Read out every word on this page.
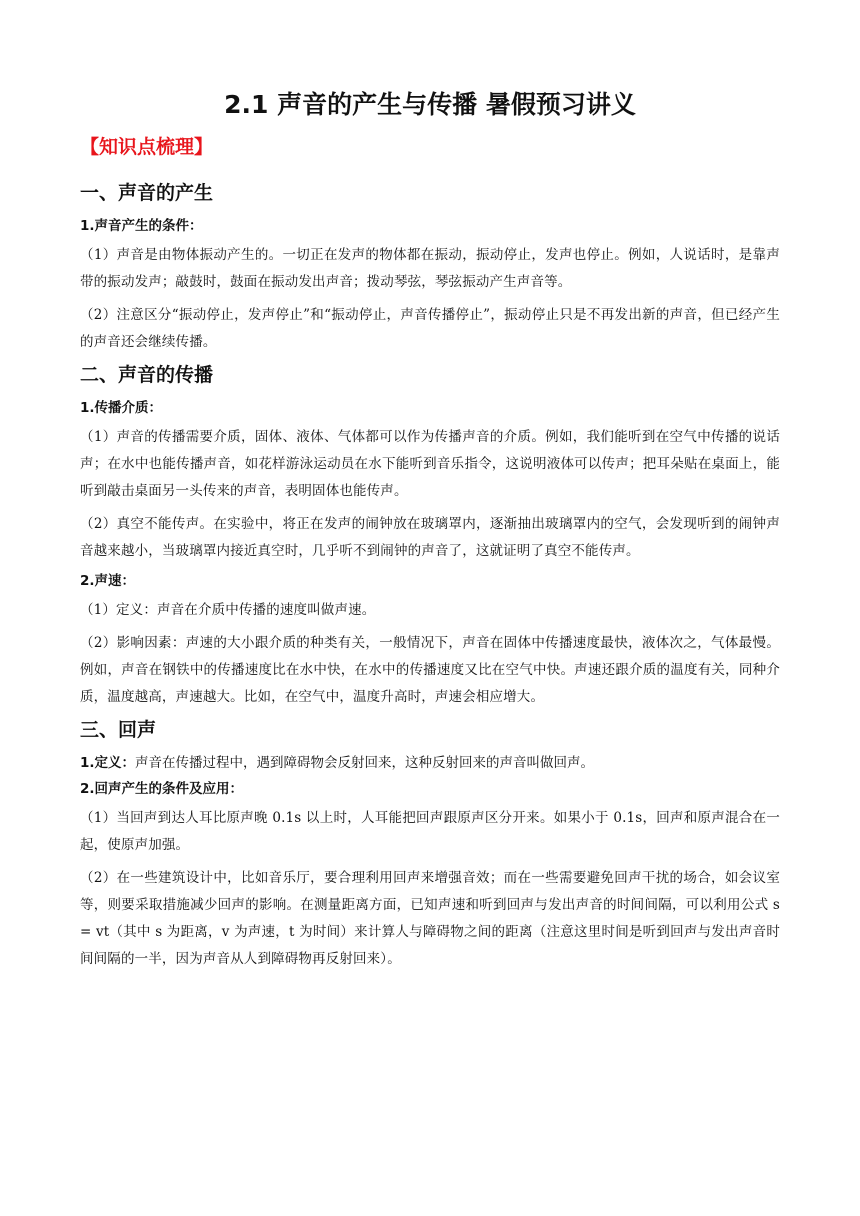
2.1 声音的产生与传播 暑假预习讲义
【知识点梳理】
一、声音的产生
1.声音产生的条件：
（1）声音是由物体振动产生的。一切正在发声的物体都在振动，振动停止，发声也停止。例如，人说话时，是靠声带的振动发声；敲鼓时，鼓面在振动发出声音；拨动琴弦，琴弦振动产生声音等。
（2）注意区分“振动停止，发声停止”和“振动停止，声音传播停止”，振动停止只是不再发出新的声音，但已经产生的声音还会继续传播。
二、声音的传播
1.传播介质：
（1）声音的传播需要介质，固体、液体、气体都可以作为传播声音的介质。例如，我们能听到在空气中传播的说话声；在水中也能传播声音，如花样游泳运动员在水下能听到音乐指令，这说明液体可以传声；把耳朵贴在桌面上，能听到敲击桌面另一头传来的声音，表明固体也能传声。
（2）真空不能传声。在实验中，将正在发声的闹钟放在玻璃罩内，逐渐抽出玻璃罩内的空气，会发现听到的闹钟声音越来越小，当玻璃罩内接近真空时，几乎听不到闹钟的声音了，这就证明了真空不能传声。
2.声速：
（1）定义：声音在介质中传播的速度叫做声速。
（2）影响因素：声速的大小跟介质的种类有关，一般情况下，声音在固体中传播速度最快，液体次之，气体最慢。例如，声音在钢铁中的传播速度比在水中快，在水中的传播速度又比在空气中快。声速还跟介质的温度有关，同种介质，温度越高，声速越大。比如，在空气中，温度升高时，声速会相应增大。
三、回声
1.定义：声音在传播过程中，遇到障碍物会反射回来，这种反射回来的声音叫做回声。
2.回声产生的条件及应用：
（1）当回声到达人耳比原声晚 0.1s 以上时，人耳能把回声跟原声区分开来。如果小于 0.1s，回声和原声混合在一起，使原声加强。
（2）在一些建筑设计中，比如音乐厅，要合理利用回声来增强音效；而在一些需要避免回声干扰的场合，如会议室等，则要采取措施减少回声的影响。在测量距离方面，已知声速和听到回声与发出声音的时间间隔，可以利用公式 s = vt（其中 s 为距离，v 为声速，t 为时间）来计算人与障碍物之间的距离（注意这里时间是听到回声与发出声音时间间隔的一半，因为声音从人到障碍物再反射回来）。
